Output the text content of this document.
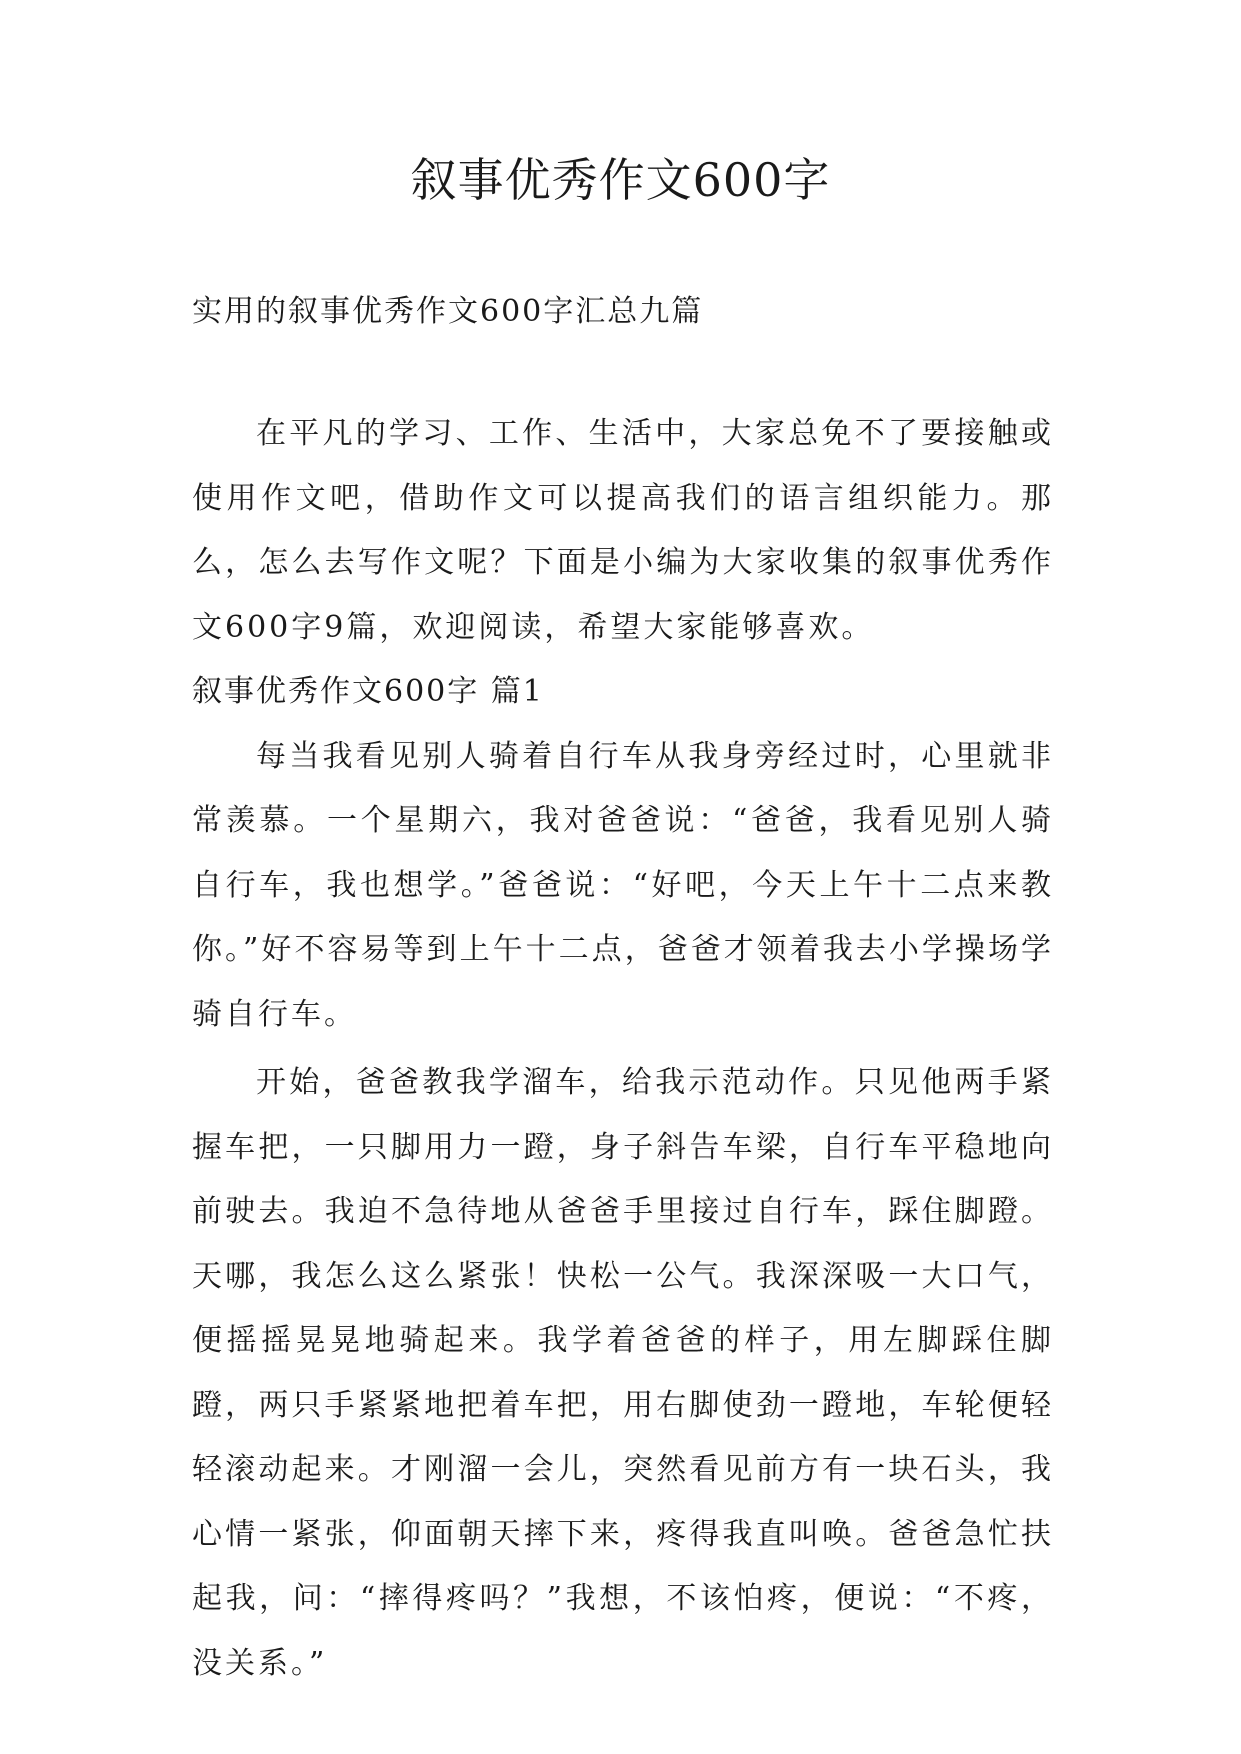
叙事优秀作文600字

实用的叙事优秀作文600字汇总九篇

在平凡的学习、工作、生活中，大家总免不了要接触或使用作文吧，借助作文可以提高我们的语言组织能力。那么，怎么去写作文呢？下面是小编为大家收集的叙事优秀作文600字9篇，欢迎阅读，希望大家能够喜欢。

叙事优秀作文600字 篇1

每当我看见别人骑着自行车从我身旁经过时，心里就非常羡慕。一个星期六，我对爸爸说：“爸爸，我看见别人骑自行车，我也想学。”爸爸说：“好吧，今天上午十二点来教你。”好不容易等到上午十二点，爸爸才领着我去小学操场学骑自行车。

开始，爸爸教我学溜车，给我示范动作。只见他两手紧握车把，一只脚用力一蹬，身子斜告车梁，自行车平稳地向前驶去。我迫不急待地从爸爸手里接过自行车，踩住脚蹬。天哪，我怎么这么紧张！快松一公气。我深深吸一大口气，便摇摇晃晃地骑起来。我学着爸爸的样子，用左脚踩住脚蹬，两只手紧紧地把着车把，用右脚使劲一蹬地，车轮便轻轻滚动起来。才刚溜一会儿，突然看见前方有一块石头，我心情一紧张，仰面朝天摔下来，疼得我直叫唤。爸爸急忙扶起我，问：“摔得疼吗？”我想，不该怕疼，便说：“不疼，没关系。”
